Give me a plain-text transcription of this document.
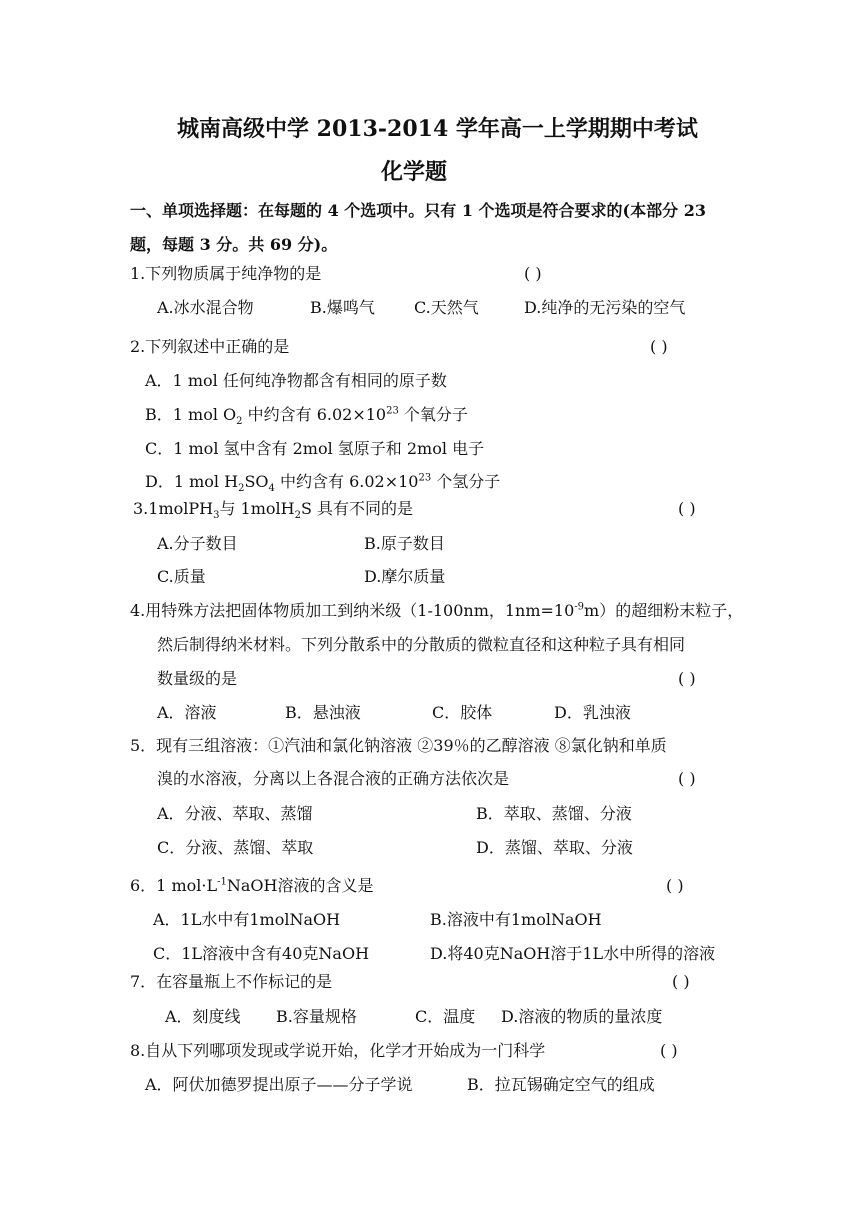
城南高级中学 2013-2014 学年高一上学期期中考试
化学题
一、单项选择题：在每题的 4 个选项中。只有 1 个选项是符合要求的(本部分 23
题，每题 3 分。共 69 分)。
1.下列物质属于纯净物的是	( )
A.冰水混合物	B.爆鸣气 C.天然气	D.纯净的无污染的空气
2.下列叙述中正确的是	( )
A．1 mol 任何纯净物都含有相同的原子数
B．1 mol $O_2$ 中约含有 $6.02\times 10^{23}$ 个氧分子
C．1 mol 氢中含有 2mol 氢原子和 2mol 电子
D．1 mol $H_2SO_4$ 中约含有 $6.02\times 10^{23}$ 个氢分子
3.1molPH$_3$与 1molH$_2$S 具有不同的是	( )
A.分子数目	B.原子数目
C.质量	D.摩尔质量
4.用特殊方法把固体物质加工到纳米级（1-100nm，$1nm=10^{-9}m$）的超细粉末粒子，
然后制得纳米材料。下列分散系中的分散质的微粒直径和这种粒子具有相同
数量级的是	( )
A．溶液	B．悬浊液	C．胶体	D．乳浊液
5．现有三组溶液：①汽油和氯化钠溶液 ②39％的乙醇溶液 ⑧氯化钠和单质
溴的水溶液，分离以上各混合液的正确方法依次是	( )
A．分液、萃取、蒸馏	B．萃取、蒸馏、分液
C．分液、蒸馏、萃取	D．蒸馏、萃取、分液
6．1 $mol\cdot L^{-1}NaOH$溶液的含义是	( )
A．1L水中有1molNaOH	B.溶液中有1molNaOH
C．1L溶液中含有40克NaOH	D.将40克NaOH溶于1L水中所得的溶液
7．在容量瓶上不作标记的是	( )
A．刻度线 B.容量规格	C．温度 D.溶液的物质的量浓度
8.自从下列哪项发现或学说开始，化学才开始成为一门科学	( )
A．阿伏加德罗提出原子——分子学说	B．拉瓦锡确定空气的组成
